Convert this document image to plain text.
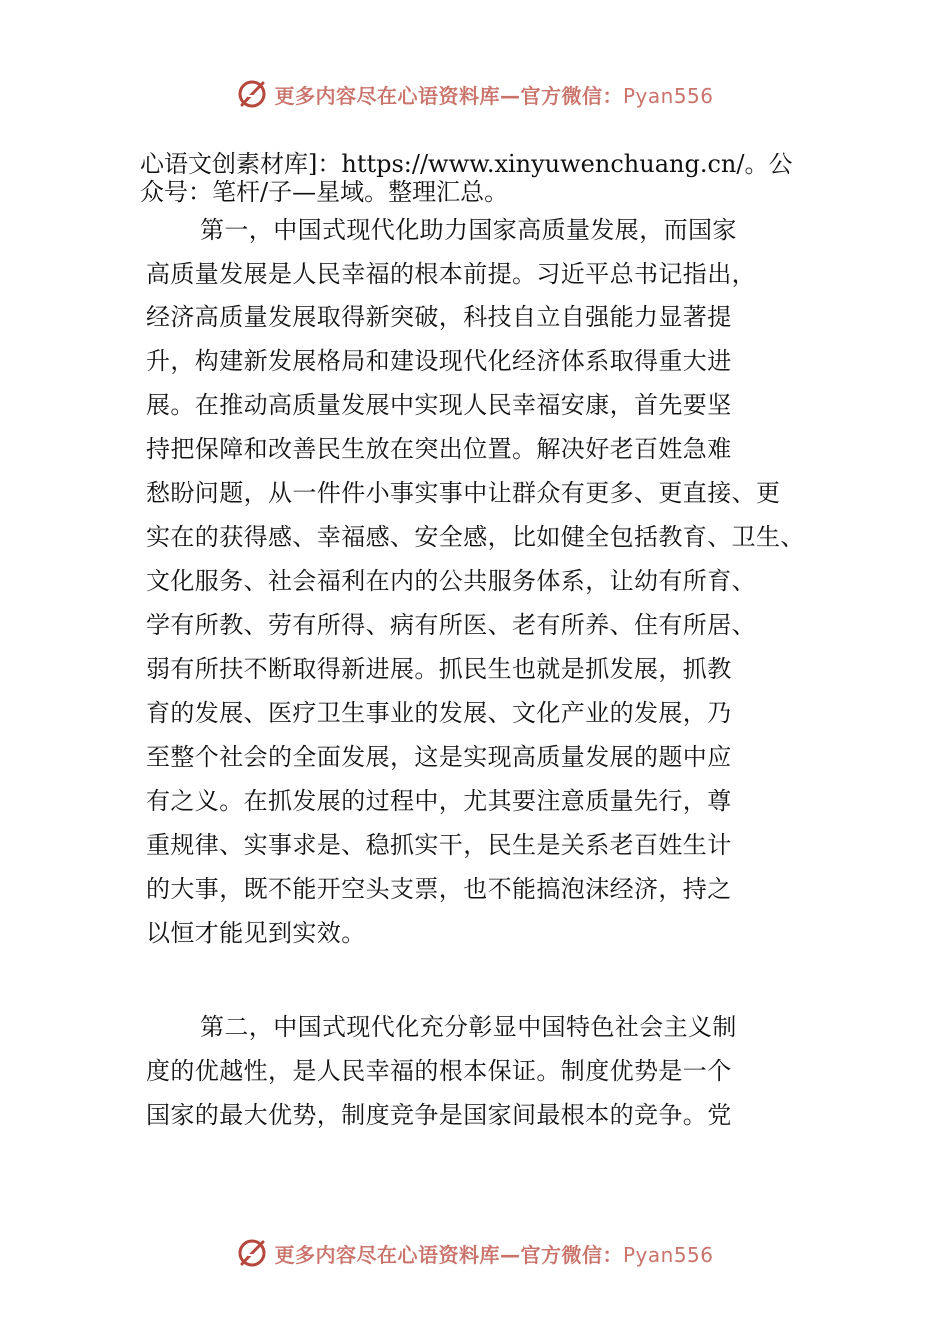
更多内容尽在心语资料库—官方微信：Pyan556
心语文创素材库]：https://www.xinyuwenchuang.cn/。公
众号：笔杆/子—星域。整理汇总。
第一，中国式现代化助力国家高质量发展，而国家
高质量发展是人民幸福的根本前提。习近平总书记指出，
经济高质量发展取得新突破，科技自立自强能力显著提
升，构建新发展格局和建设现代化经济体系取得重大进
展。在推动高质量发展中实现人民幸福安康，首先要坚
持把保障和改善民生放在突出位置。解决好老百姓急难
愁盼问题，从一件件小事实事中让群众有更多、更直接、更
实在的获得感、幸福感、安全感，比如健全包括教育、卫生、
文化服务、社会福利在内的公共服务体系，让幼有所育、
学有所教、劳有所得、病有所医、老有所养、住有所居、
弱有所扶不断取得新进展。抓民生也就是抓发展，抓教
育的发展、医疗卫生事业的发展、文化产业的发展，乃
至整个社会的全面发展，这是实现高质量发展的题中应
有之义。在抓发展的过程中，尤其要注意质量先行，尊
重规律、实事求是、稳抓实干，民生是关系老百姓生计
的大事，既不能开空头支票，也不能搞泡沫经济，持之
以恒才能见到实效。
第二，中国式现代化充分彰显中国特色社会主义制
度的优越性，是人民幸福的根本保证。制度优势是一个
国家的最大优势，制度竞争是国家间最根本的竞争。党
更多内容尽在心语资料库—官方微信：Pyan556
